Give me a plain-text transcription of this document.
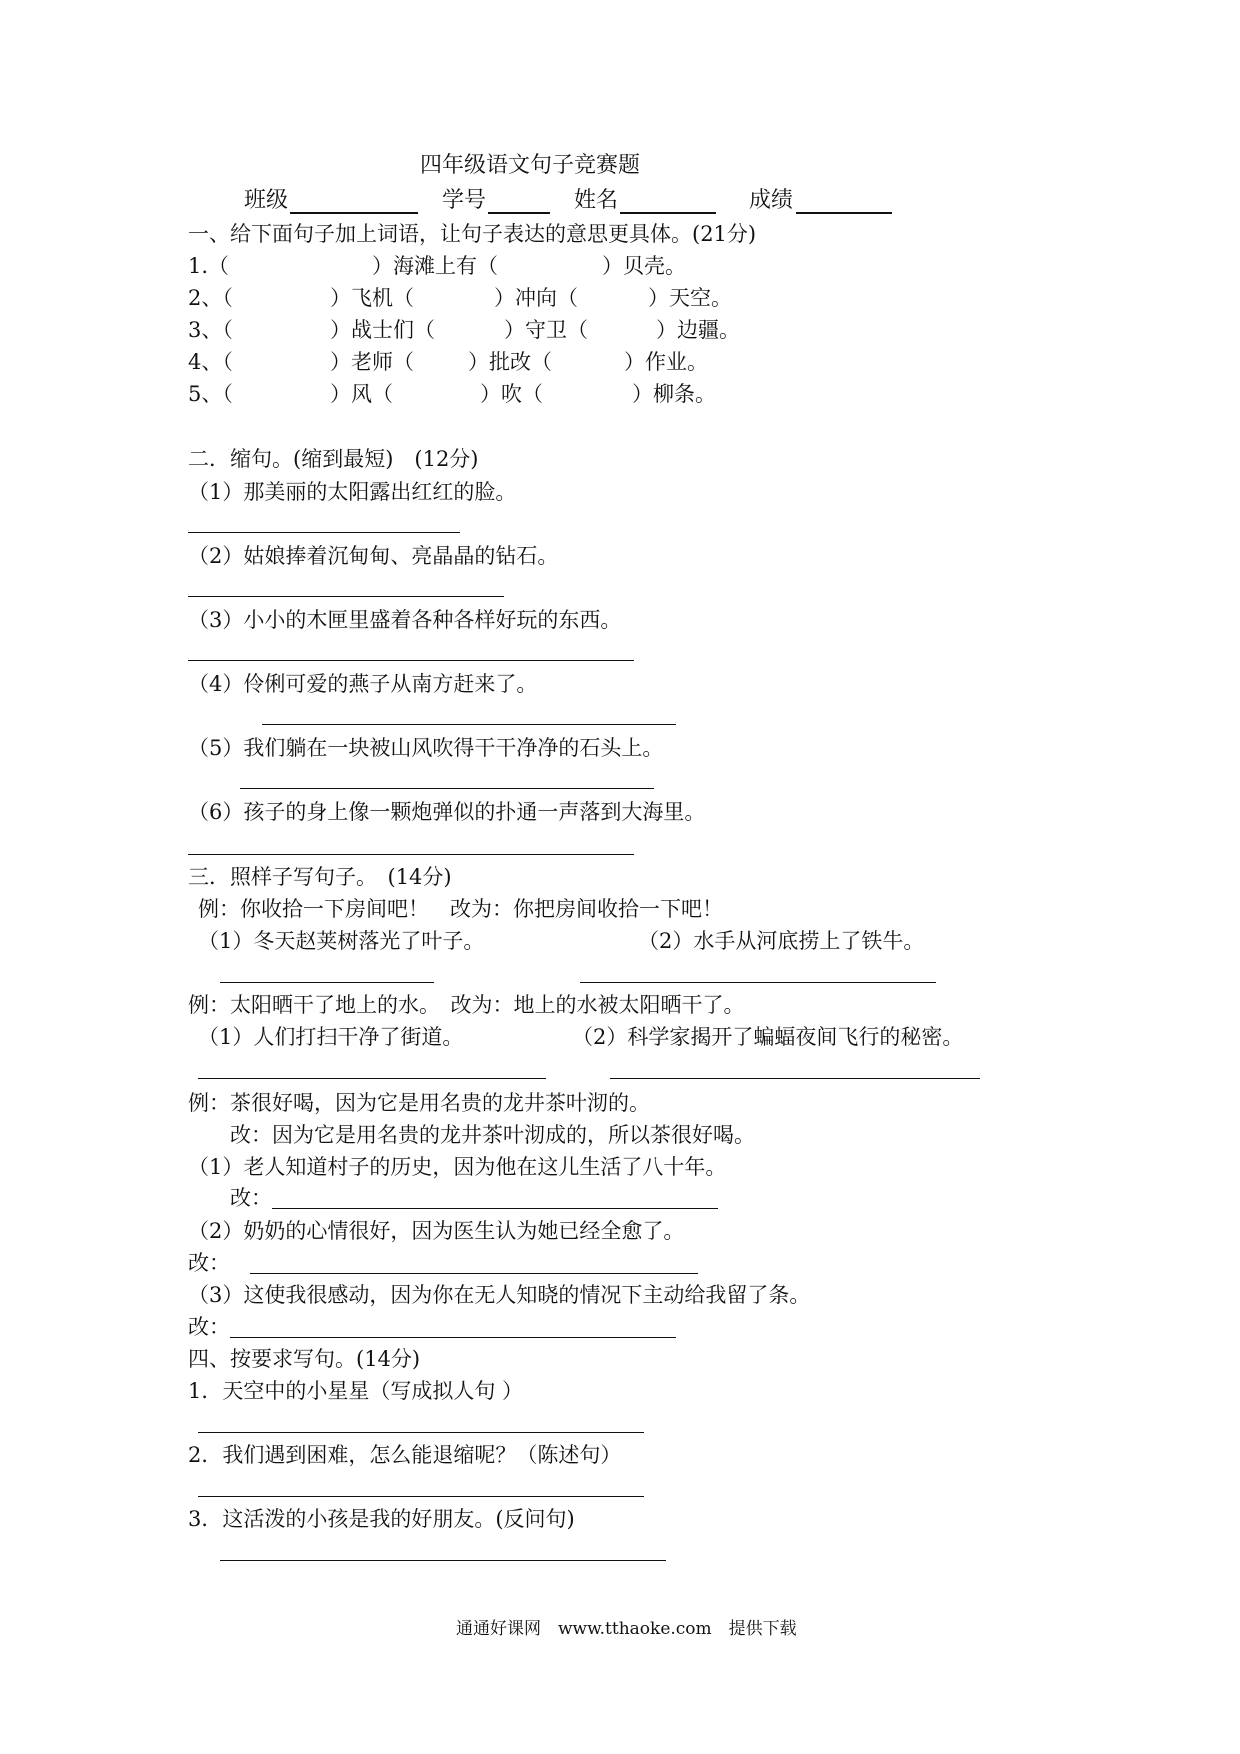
四年级语文句子竞赛题
班级	学号	姓名	成绩
一、给下面句子加上词语，让句子表达的意思更具体。(21分)
1.（	）海滩上有（	）贝壳。
2、（	）飞机（	）冲向（	）天空。
3、（	）战士们（	）守卫（	）边疆。
4、（	）老师（	）批改（	）作业。
5、（	）风（	）吹（	）柳条。
二．缩句。(缩到最短)　(12分)
（1）那美丽的太阳露出红红的脸。
（2）姑娘捧着沉甸甸、亮晶晶的钻石。
（3）小小的木匣里盛着各种各样好玩的东西。
（4）伶俐可爱的燕子从南方赶来了。
（5）我们躺在一块被山风吹得干干净净的石头上。
（6）孩子的身上像一颗炮弹似的扑通一声落到大海里。
三．照样子写句子。　(14分)
例：你收拾一下房间吧！　改为：你把房间收拾一下吧！
（1）冬天赵荚树落光了叶子。	（2）水手从河底捞上了铁牛。
例：太阳晒干了地上的水。　改为：地上的水被太阳晒干了。
（1）人们打扫干净了街道。	（2）科学家揭开了蝙蝠夜间飞行的秘密。
例：茶很好喝，因为它是用名贵的龙井茶叶沏的。
改：因为它是用名贵的龙井茶叶沏成的，所以茶很好喝。
（1）老人知道村子的历史，因为他在这儿生活了八十年。
改：
（2）奶奶的心情很好，因为医生认为她已经全愈了。
改：
（3）这使我很感动，因为你在无人知晓的情况下主动给我留了条。
改：
四、按要求写句。(14分)
1．天空中的小星星（写成拟人句 ）
2．我们遇到困难，怎么能退缩呢？（陈述句）
3．这活泼的小孩是我的好朋友。(反问句)
通通好课网　www.tthaoke.com　提供下载
